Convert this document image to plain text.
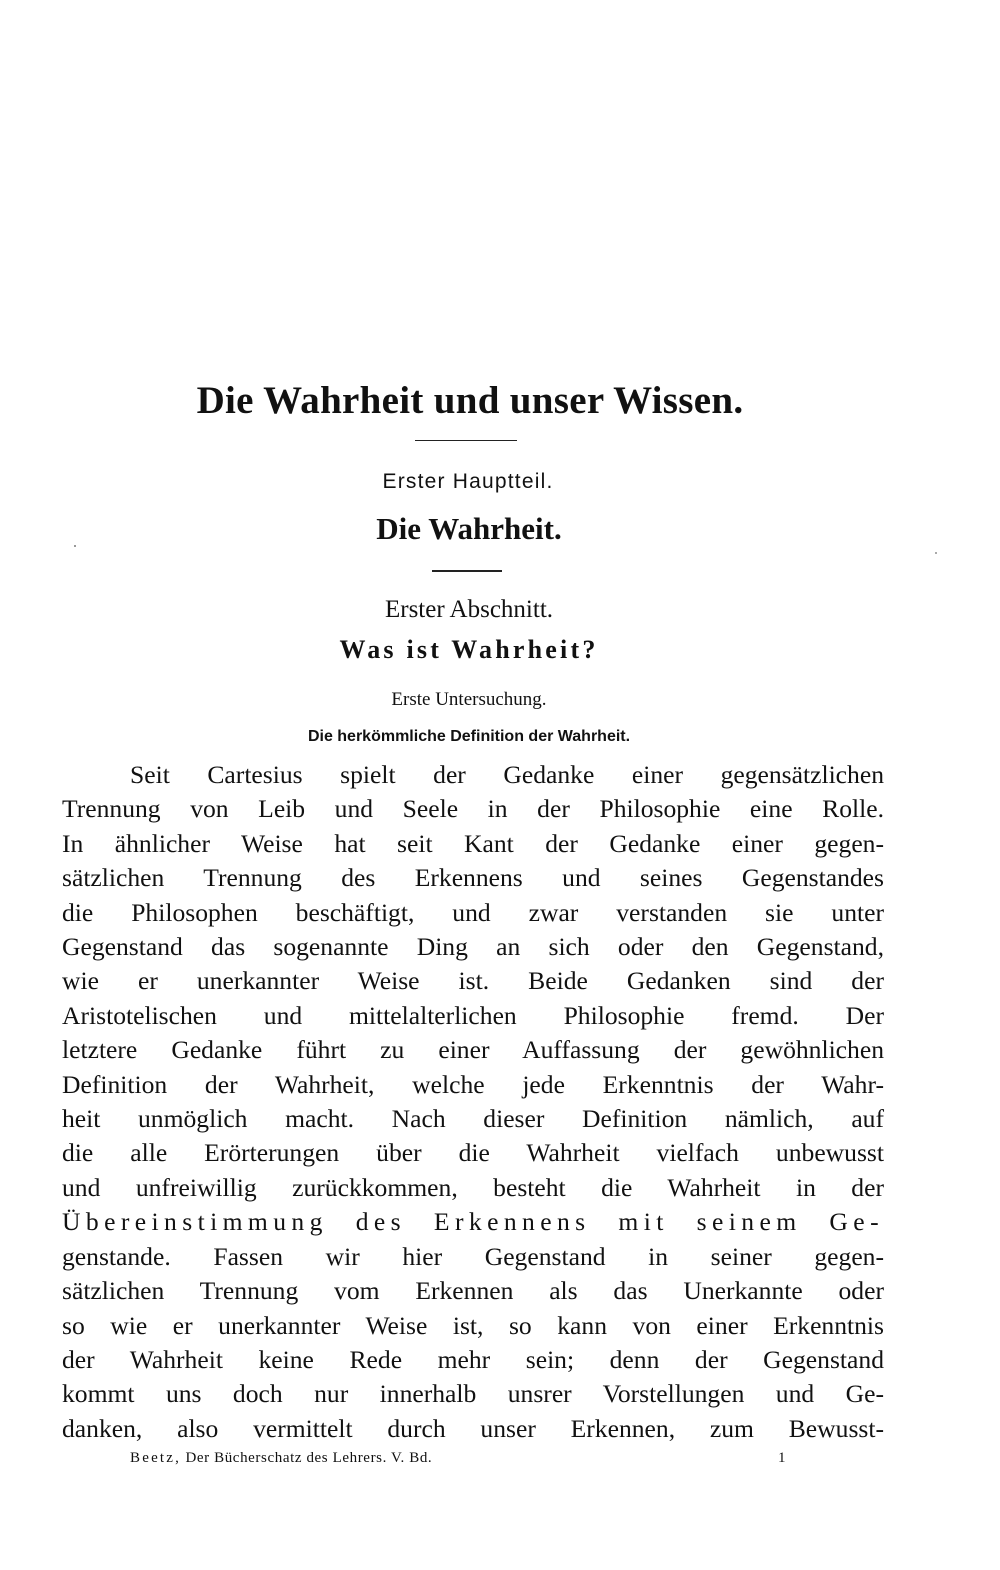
Die Wahrheit und unser Wissen.
Erster Hauptteil.
Die Wahrheit.
Erster Abschnitt.
Was ist Wahrheit?
Erste Untersuchung.
Die herkömmliche Definition der Wahrheit.
Seit Cartesius spielt der Gedanke einer gegensätzlichen
Trennung von Leib und Seele in der Philosophie eine Rolle.
In ähnlicher Weise hat seit Kant der Gedanke einer gegen-
sätzlichen Trennung des Erkennens und seines Gegenstandes
die Philosophen beschäftigt, und zwar verstanden sie unter
Gegenstand das sogenannte Ding an sich oder den Gegenstand,
wie er unerkannter Weise ist. Beide Gedanken sind der
Aristotelischen und mittelalterlichen Philosophie fremd. Der
letztere Gedanke führt zu einer Auffassung der gewöhnlichen
Definition der Wahrheit, welche jede Erkenntnis der Wahr-
heit unmöglich macht. Nach dieser Definition nämlich, auf
die alle Erörterungen über die Wahrheit vielfach unbewusst
und unfreiwillig zurückkommen, besteht die Wahrheit in der
Übereinstimmung des Erkennens mit seinem Ge-
genstande. Fassen wir hier Gegenstand in seiner gegen-
sätzlichen Trennung vom Erkennen als das Unerkannte oder
so wie er unerkannter Weise ist, so kann von einer Erkenntnis
der Wahrheit keine Rede mehr sein; denn der Gegenstand
kommt uns doch nur innerhalb unsrer Vorstellungen und Ge-
danken, also vermittelt durch unser Erkennen, zum Bewusst-
Beetz, Der Bücherschatz des Lehrers. V. Bd.	1
